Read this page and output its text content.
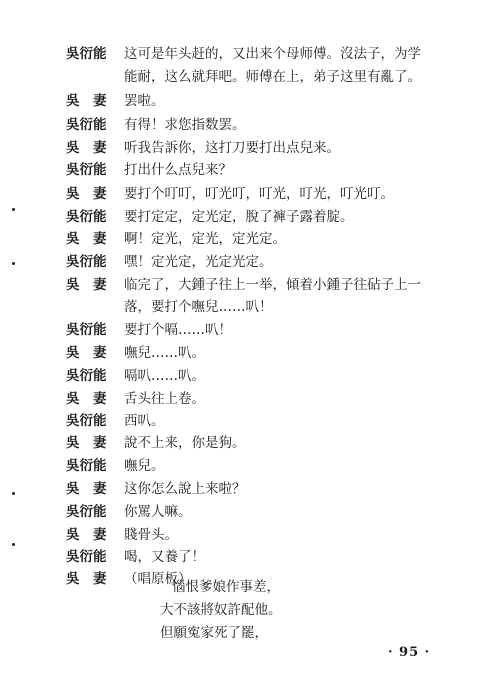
吳衍能 这可是年头赶的，又出来个母师傅。沒法子，为学
能耐，这么就拜吧。师傅在上，弟子这里有亂了。
吳　妻 罢啦。
吳衍能 有得！求您指数罢。
吳　妻 听我告訴你，这打刀要打出点兒来。
吳衍能 打出什么点兒来？
吳　妻 要打个叮叮，叮光叮，叮光，叮光，叮光叮。
吳衍能 要打定定，定光定，脫了褲子露着腚。
吳　妻 啊！定光，定光，定光定。
吳衍能 嘿！定光定，光定光定。
吳　妻 临完了，大鍾子往上一举，傾着小鍾子往砧子上一
落，要打个嘸兒……叭！
吳衍能 要打个嗝……叭！
吳　妻 嘸兒……叭。
吳衍能 嗝叭……叭。
吳　妻 舌头往上卷。
吳衍能 西叭。
吳　妻 說不上来，你是狗。
吳衍能 嘸兒。
吳　妻 这你怎么說上来啦？
吳衍能 你罵人嘛。
吳　妻 賤骨头。
吳衍能 喝，又養了！
吳　妻 （唱原板）
惱恨爹娘作事差，
大不該將奴許配他。
但願寃家死了罷，
· 95 ·
